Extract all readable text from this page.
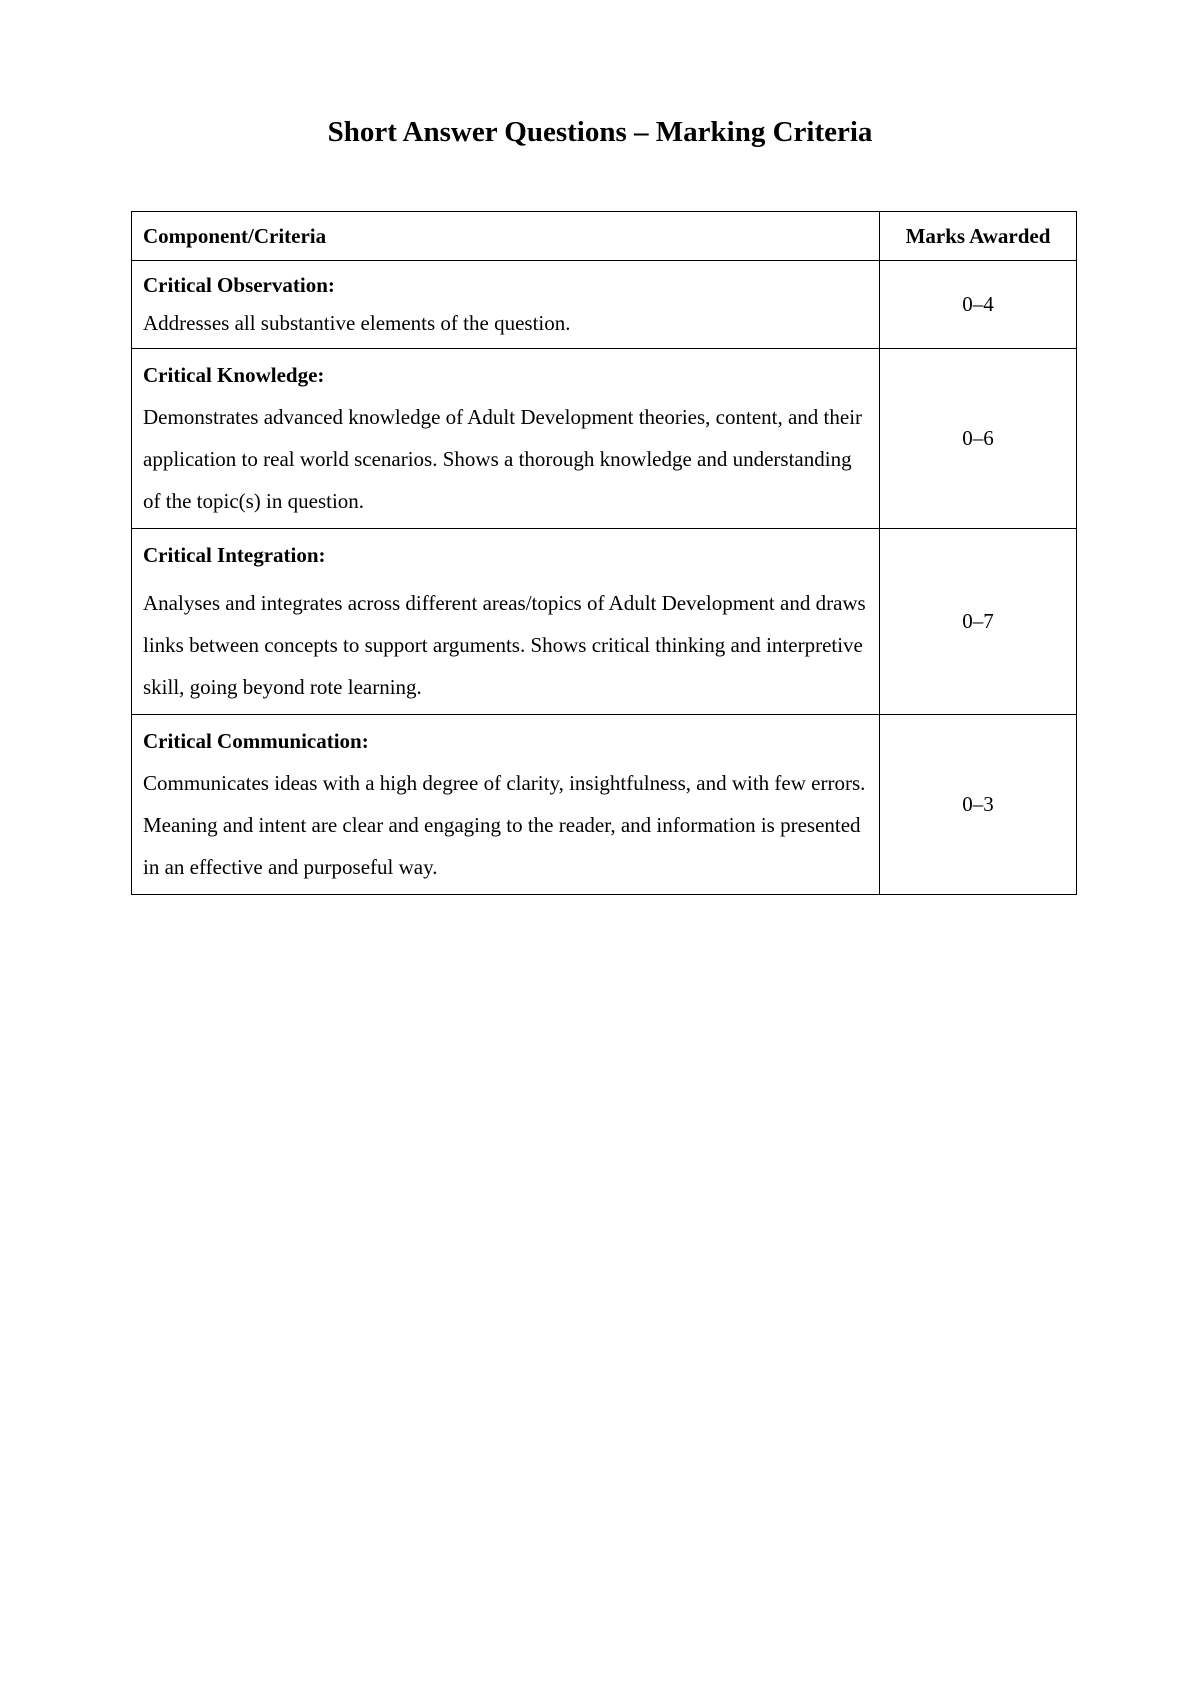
Short Answer Questions – Marking Criteria
Component/Criteria	Marks Awarded

Critical Observation:
Addresses all substantive elements of the question.	0–4

Critical Knowledge:
Demonstrates advanced knowledge of Adult Development theories, content, and their application to real world scenarios. Shows a thorough knowledge and understanding of the topic(s) in question.	0–6

Critical Integration:
Analyses and integrates across different areas/topics of Adult Development and draws links between concepts to support arguments. Shows critical thinking and interpretive skill, going beyond rote learning.	0–7

Critical Communication:
Communicates ideas with a high degree of clarity, insightfulness, and with few errors. Meaning and intent are clear and engaging to the reader, and information is presented in an effective and purposeful way.	0–3
